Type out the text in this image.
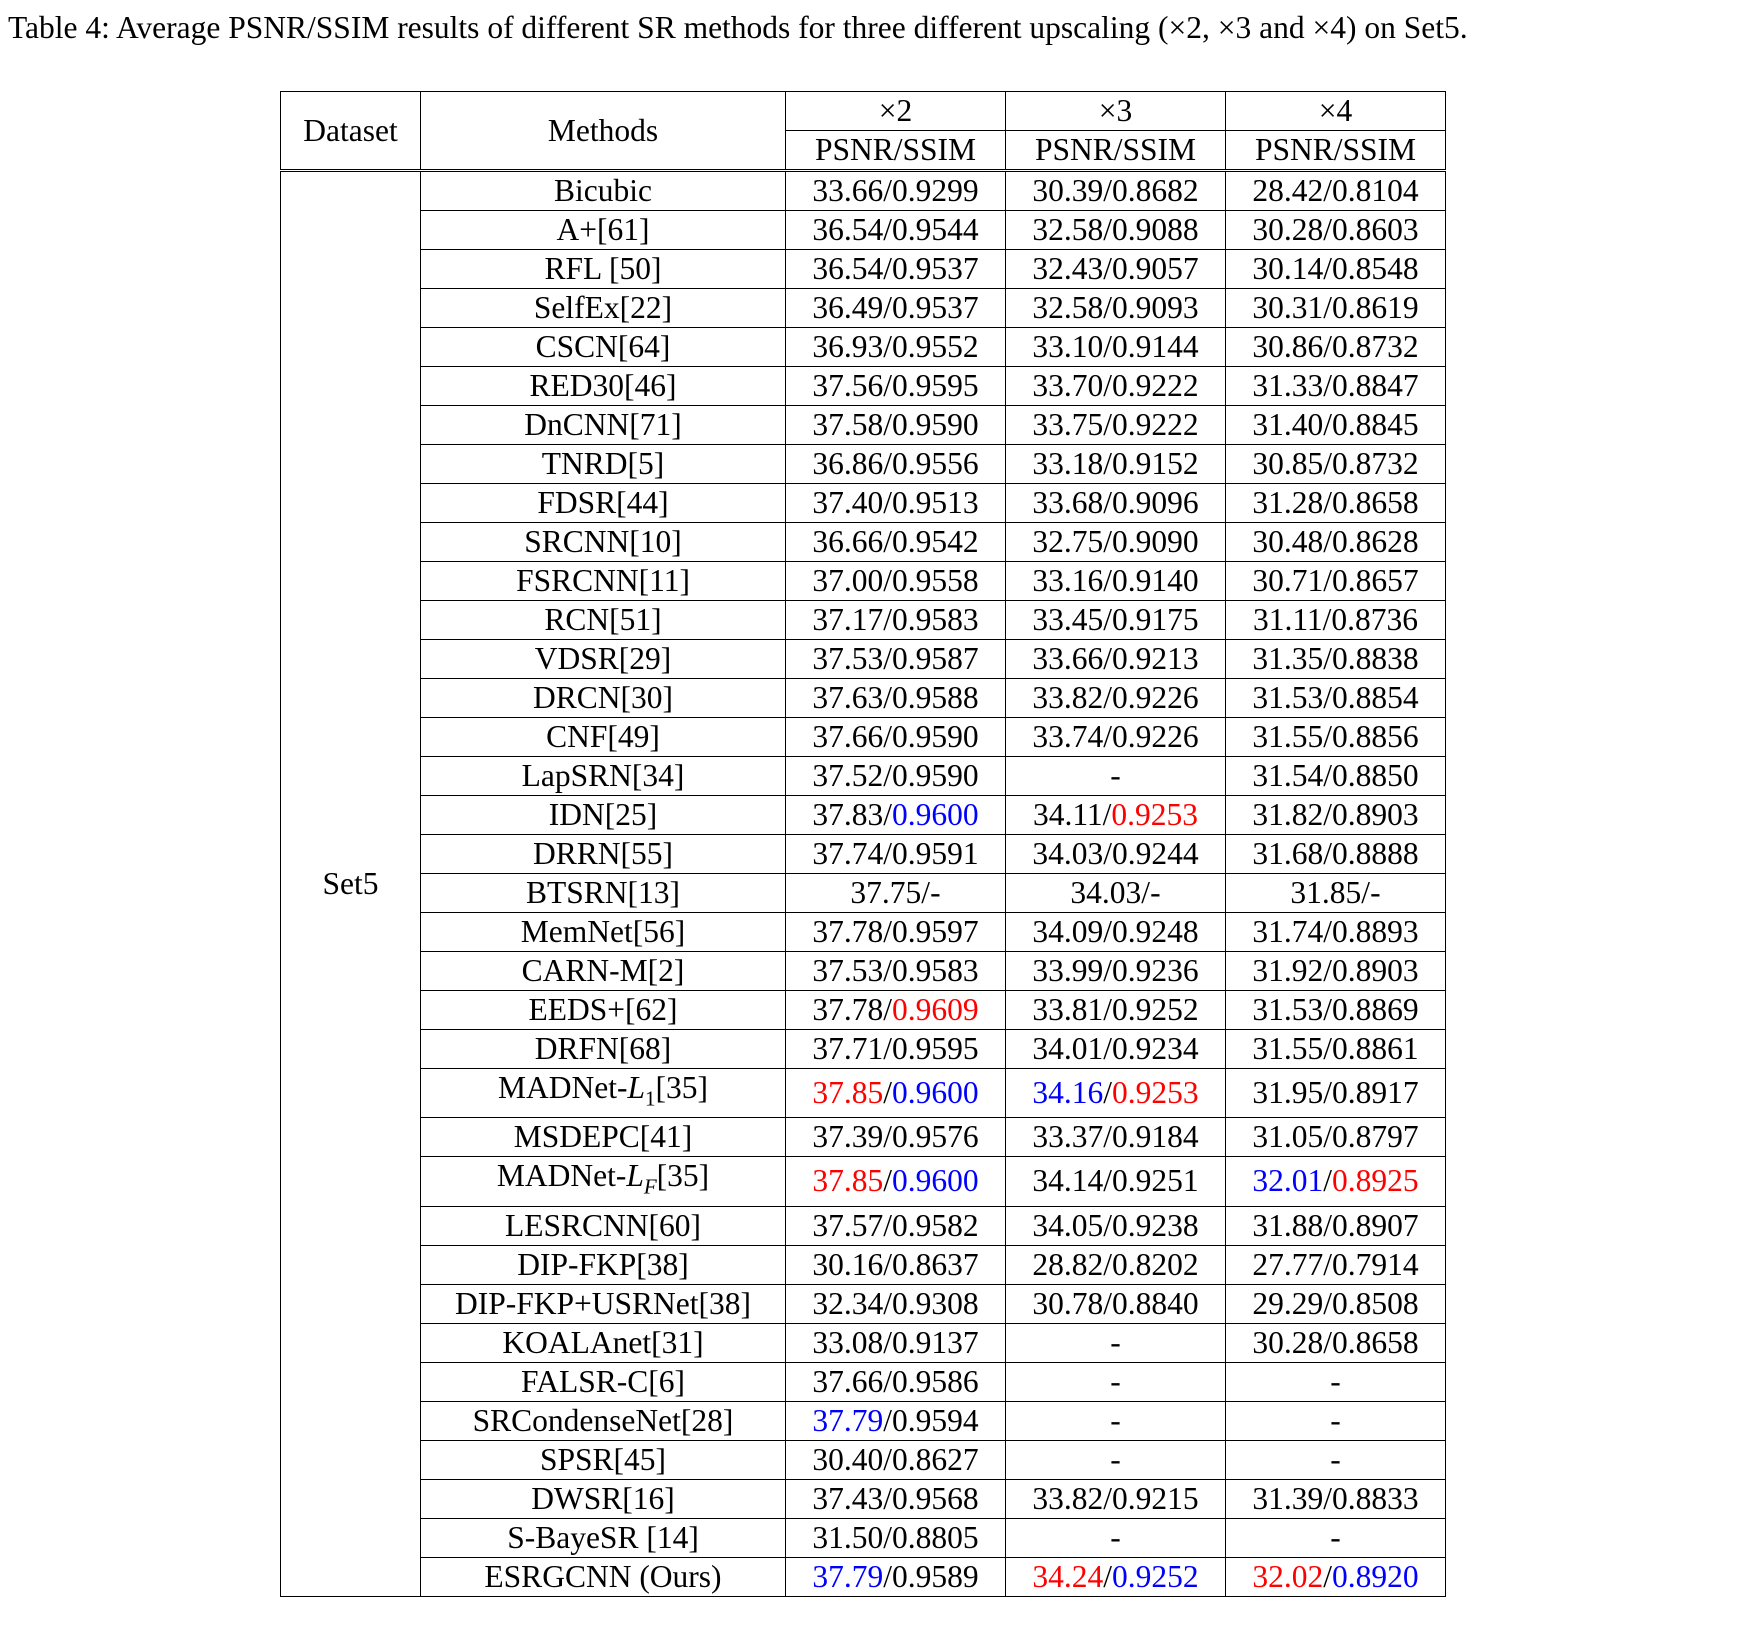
Table 4: Average PSNR/SSIM results of different SR methods for three different upscaling (×2, ×3 and ×4) on Set5.
Dataset	Methods	×2	×3	×4
		PSNR/SSIM	PSNR/SSIM	PSNR/SSIM
Set5	Bicubic	33.66/0.9299	30.39/0.8682	28.42/0.8104
	A+[61]	36.54/0.9544	32.58/0.9088	30.28/0.8603
	RFL [50]	36.54/0.9537	32.43/0.9057	30.14/0.8548
	SelfEx[22]	36.49/0.9537	32.58/0.9093	30.31/0.8619
	CSCN[64]	36.93/0.9552	33.10/0.9144	30.86/0.8732
	RED30[46]	37.56/0.9595	33.70/0.9222	31.33/0.8847
	DnCNN[71]	37.58/0.9590	33.75/0.9222	31.40/0.8845
	TNRD[5]	36.86/0.9556	33.18/0.9152	30.85/0.8732
	FDSR[44]	37.40/0.9513	33.68/0.9096	31.28/0.8658
	SRCNN[10]	36.66/0.9542	32.75/0.9090	30.48/0.8628
	FSRCNN[11]	37.00/0.9558	33.16/0.9140	30.71/0.8657
	RCN[51]	37.17/0.9583	33.45/0.9175	31.11/0.8736
	VDSR[29]	37.53/0.9587	33.66/0.9213	31.35/0.8838
	DRCN[30]	37.63/0.9588	33.82/0.9226	31.53/0.8854
	CNF[49]	37.66/0.9590	33.74/0.9226	31.55/0.8856
	LapSRN[34]	37.52/0.9590	-	31.54/0.8850
	IDN[25]	37.83/0.9600	34.11/0.9253	31.82/0.8903
	DRRN[55]	37.74/0.9591	34.03/0.9244	31.68/0.8888
	BTSRN[13]	37.75/-	34.03/-	31.85/-
	MemNet[56]	37.78/0.9597	34.09/0.9248	31.74/0.8893
	CARN-M[2]	37.53/0.9583	33.99/0.9236	31.92/0.8903
	EEDS+[62]	37.78/0.9609	33.81/0.9252	31.53/0.8869
	DRFN[68]	37.71/0.9595	34.01/0.9234	31.55/0.8861
	MADNet-$L_1[35]$	37.85/0.9600	34.16/0.9253	31.95/0.8917
	MSDEPC[41]	37.39/0.9576	33.37/0.9184	31.05/0.8797
	MADNet-$L_F[35]$	37.85/0.9600	34.14/0.9251	32.01/0.8925
	LESRCNN[60]	37.57/0.9582	34.05/0.9238	31.88/0.8907
	DIP-FKP[38]	30.16/0.8637	28.82/0.8202	27.77/0.7914
	DIP-FKP+USRNet[38]	32.34/0.9308	30.78/0.8840	29.29/0.8508
	KOALAnet[31]	33.08/0.9137	-	30.28/0.8658
	FALSR-C[6]	37.66/0.9586	-	-
	SRCondenseNet[28]	37.79/0.9594	-	-
	SPSR[45]	30.40/0.8627	-	-
	DWSR[16]	37.43/0.9568	33.82/0.9215	31.39/0.8833
	S-BayeSR [14]	31.50/0.8805	-	-
	ESRGCNN (Ours)	37.79/0.9589	34.24/0.9252	32.02/0.8920
